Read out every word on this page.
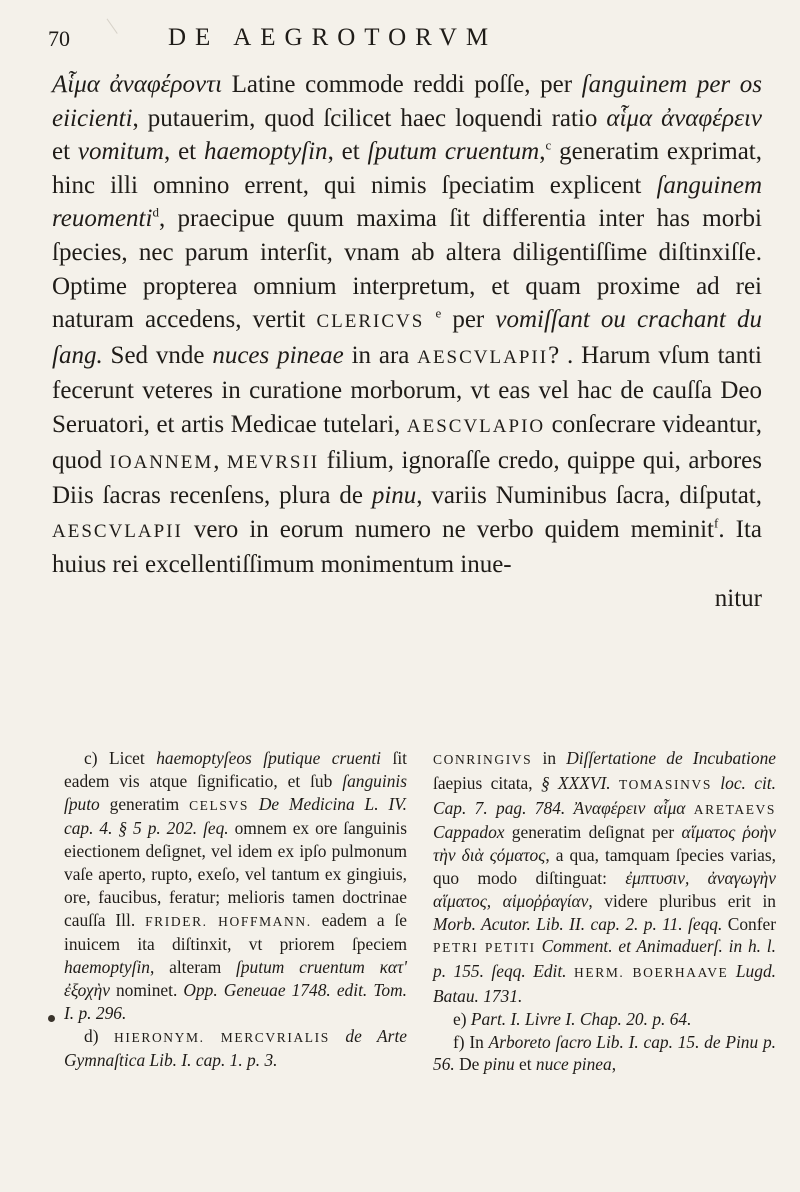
70	DE AEGROTORVM

Αἷμα ἀναφέροντι Latine commode reddi poſſe, per ſanguinem per os eiicienti, putauerim, quod ſcilicet haec loquendi ratio αἷμα ἀναφέρειν et vomitum, et haemoptyſin, et ſputum cruentum,$^c$ generatim exprimat, hinc illi omnino errent, qui nimis ſpeciatim explicent ſanguinem reuomenti$^d$, praecipue quum maxima ſit differentia inter has morbi ſpecies, nec parum interſit, vnam ab altera diligentiſſime diſtinxiſſe. Optime propterea omnium interpretum, et quam proxime ad rei naturam accedens, vertit CLERICVS $^e$ per vomiſſant ou crachant du ſang. Sed vnde nuces pineae in ara AESCVLAPII? . Harum vſum tanti fecerunt veteres in curatione morborum, vt eas vel hac de cauſſa Deo Seruatori, et artis Medicae tutelari, AESCVLAPIO conſecrare videantur, quod IOANNEM, MEVRSII filium, ignoraſſe credo, quippe qui, arbores Diis ſacras recenſens, plura de pinu, variis Numinibus ſacra, diſputat, AESCVLAPII vero in eorum numero ne verbo quidem meminit$^f$. Ita huius rei excellentiſſimum monimentum inue-
nitur

c) Licet haemoptyſeos ſputique cruenti ſit eadem vis atque ſignificatio, et ſub ſanguinis ſputo generatim CELSVS De Medicina L. IV. cap. 4. § 5 p. 202. ſeq. omnem ex ore ſanguinis eiectionem deſignet, vel idem ex ipſo pulmonum vaſe aperto, rupto, exeſo, vel tantum ex gingiuis, ore, faucibus, feratur; melioris tamen doctrinae cauſſa Ill. FRIDER. HOFFMANN. eadem a ſe inuicem ita diſtinxit, vt priorem ſpeciem haemoptyſin, alteram ſputum cruentum κατ' ἐξοχὴν nominet. Opp. Geneuae 1748. edit. Tom. I. p. 296.

d) HIERONYM. MERCVRIALIS de Arte Gymnaſtica Lib. I. cap. 1. p. 3.

CONRINGIVS in Diſſertatione de Incubatione ſaepius citata, § XXXVI. TOMASINVS loc. cit. Cap. 7. pag. 784. Ἀναφέρειν αἷμα ARETAEVS Cappadox generatim deſignat per αἵματος ῥοὴν τὴν διὰ ςόματος, a qua, tamquam ſpecies varias, quo modo diſtinguat: ἐμπτυσιν, ἀναγωγὴν αἵματος, αἱμοῤῥαγίαν, videre pluribus erit in Morb. Acutor. Lib. II. cap. 2. p. 11. ſeqq. Confer PETRI PETITI Comment. et Animaduerſ. in h. l. p. 155. ſeqq. Edit. HERM. BOERHAAVE Lugd. Batau. 1731.

e) Part. I. Livre I. Chap. 20. p. 64.

f) In Arboreto ſacro Lib. I. cap. 15. de Pinu p. 56. De pinu et nuce pinea,
